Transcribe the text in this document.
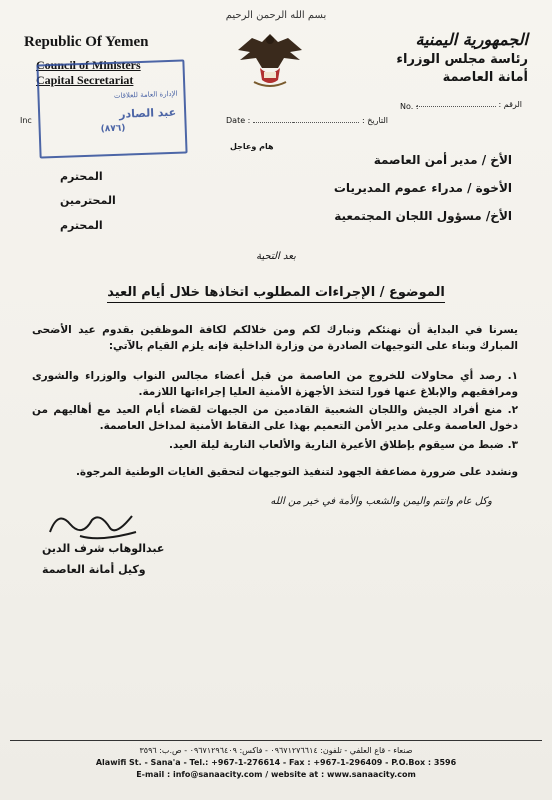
بسم الله الرحمن الرحيم
Republic Of Yemen
Council of Ministers
Capital Secretariat
الجمهورية اليمنية
رئاسة مجلس الوزراء
أمانة العاصمة
الإدارة العامة للعلاقات
عبد الصادر
(٨٧٦)
الرقم :
No. :
Inc	Date :	التاريخ :
هام وعاجل
الأخ / مدير أمن العاصمة
الأخوة / مدراء عموم المديريات
الأخ/ مسؤول اللجان المجتمعية
المحترم
المحترمين
المحترم
بعد التحية
الموضوع / الإجراءات المطلوب اتخاذها خلال أيام العيد
يسرنا في البداية أن نهنئكم ونبارك لكم ومن خلالكم لكافة الموظفين بقدوم عيد الأضحى المبارك وبناء على التوجيهات الصادرة من وزارة الداخلية فإنه يلزم القيام بالآتي:
١. رصد أي محاولات للخروج من العاصمة من قبل أعضاء مجالس النواب والوزراء والشورى ومرافقيهم والإبلاغ عنها فورا لتتخذ الأجهزة الأمنية العليا إجراءاتها اللازمة.
٢. منع أفراد الجيش واللجان الشعبية القادمين من الجبهات لقضاء أيام العيد مع أهاليهم من دخول العاصمة وعلى مدير الأمن التعميم بهذا على النقاط الأمنية لمداخل العاصمة.
٣. ضبط من سيقوم بإطلاق الأعيرة النارية والألعاب النارية ليلة العيد.
ونشدد على ضرورة مضاعفة الجهود لتنفيذ التوجيهات لتحقيق الغايات الوطنية المرجوة.
وكل عام وانتم واليمن والشعب والأمة في خير من الله
عبدالوهاب شرف الدين
وكيل أمانة العاصمة
صنعاء - قاع العلفي - تلفون: ٠٩٦٧١٢٧٦٦١٤ - فاكس: ٠٩٦٧١٢٩٦٤٠٩ - ص.ب: ٣٥٩٦
Alawifi St. - Sana'a - Tel.: +967-1-276614 - Fax : +967-1-296409 - P.O.Box : 3596
E-mail : info@sanaacity.com / website at : www.sanaacity.com
